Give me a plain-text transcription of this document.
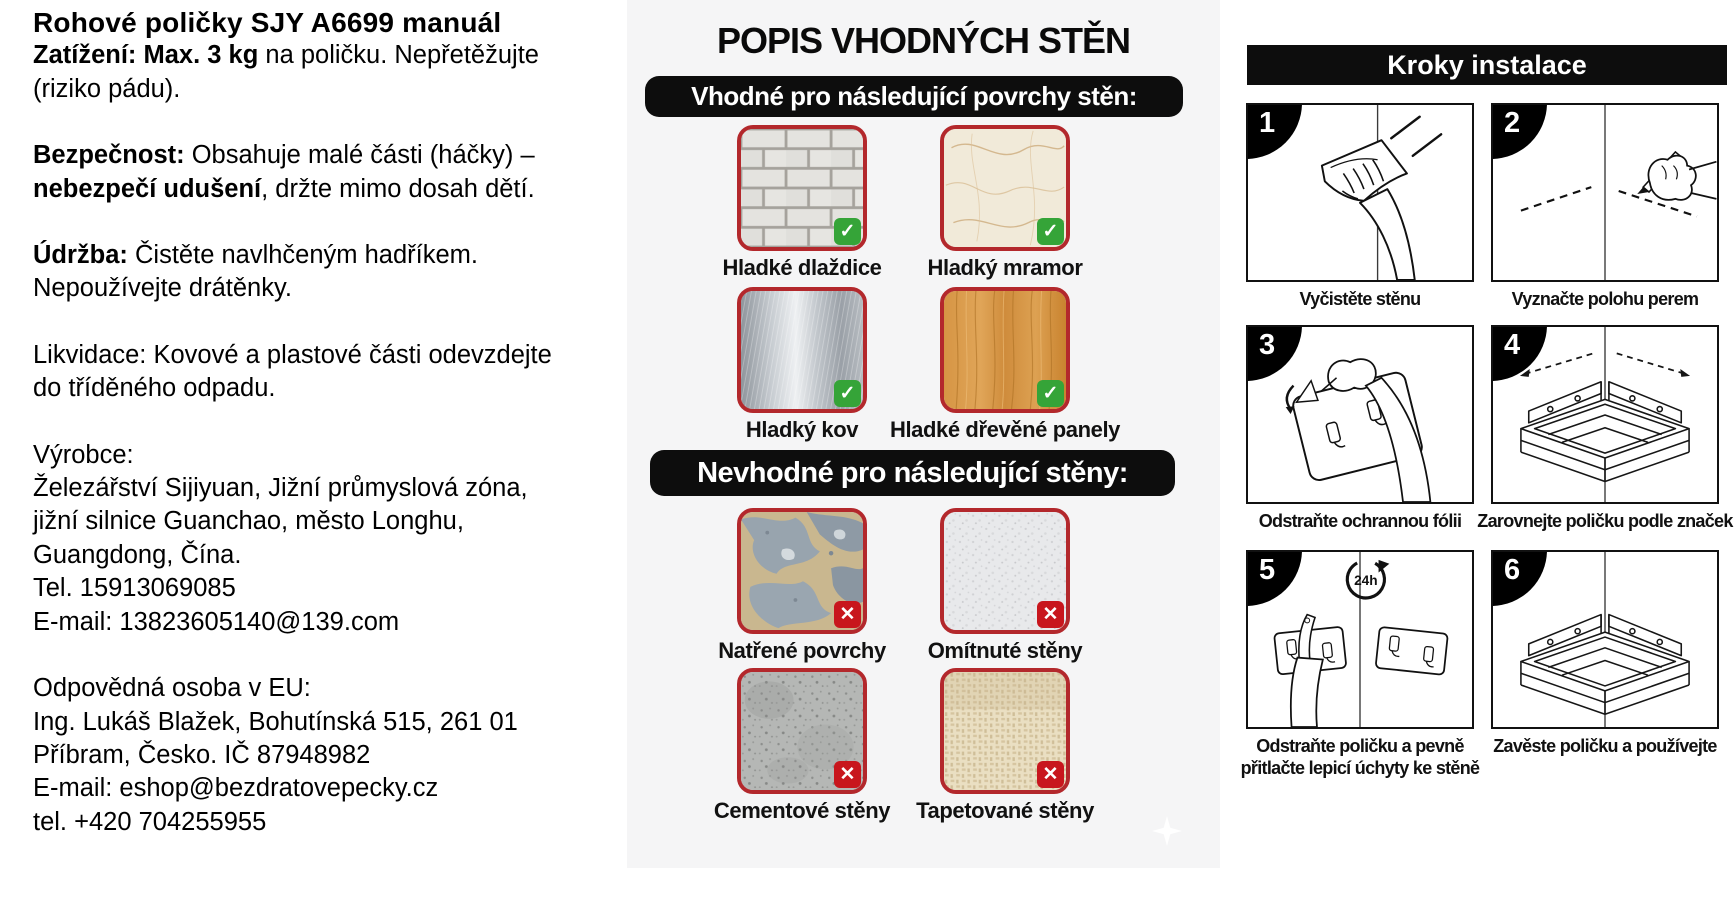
Rohové poličky SJY A6699 manuál
Zatížení: Max. 3 kg na poličku. Nepřetěžujte
(riziko pádu).
Bezpečnost: Obsahuje malé části (háčky) –
nebezpečí udušení, držte mimo dosah dětí.
Údržba: Čistěte navlhčeným hadříkem.
Nepoužívejte drátěnky.
Likvidace: Kovové a plastové části odevzdejte
do tříděného odpadu.
Výrobce:
Železářství Sijiyuan, Jižní průmyslová zóna,
jižní silnice Guanchao, město Longhu,
Guangdong, Čína.
Tel. 15913069085
E-mail: 13823605140@139.com
Odpovědná osoba v EU:
Ing. Lukáš Blažek, Bohutínská 515, 261 01
Příbram, Česko. IČ 87948982
E-mail: eshop@bezdratovepecky.cz
tel. +420 704255955
POPIS VHODNÝCH STĚN
Vhodné pro následující povrchy stěn:
Nevhodné pro následující stěny:
✓
Hladké dlaždice
✓
Hladký mramor
✓
Hladký kov
✓
Hladké dřevěné panely
✕
Natřené povrchy
✕
Omítnuté stěny
✕
Cementové stěny
✕
Tapetované stěny
Kroky instalace
1
Vyčistěte stěnu
2
Vyznačte polohu perem
3
Odstraňte ochrannou fólii
4
Zarovnejte poličku podle značek
24h
5
Odstraňte poličku a pevně přitlačte lepicí úchyty ke stěně
6
Zavěste poličku a používejte
